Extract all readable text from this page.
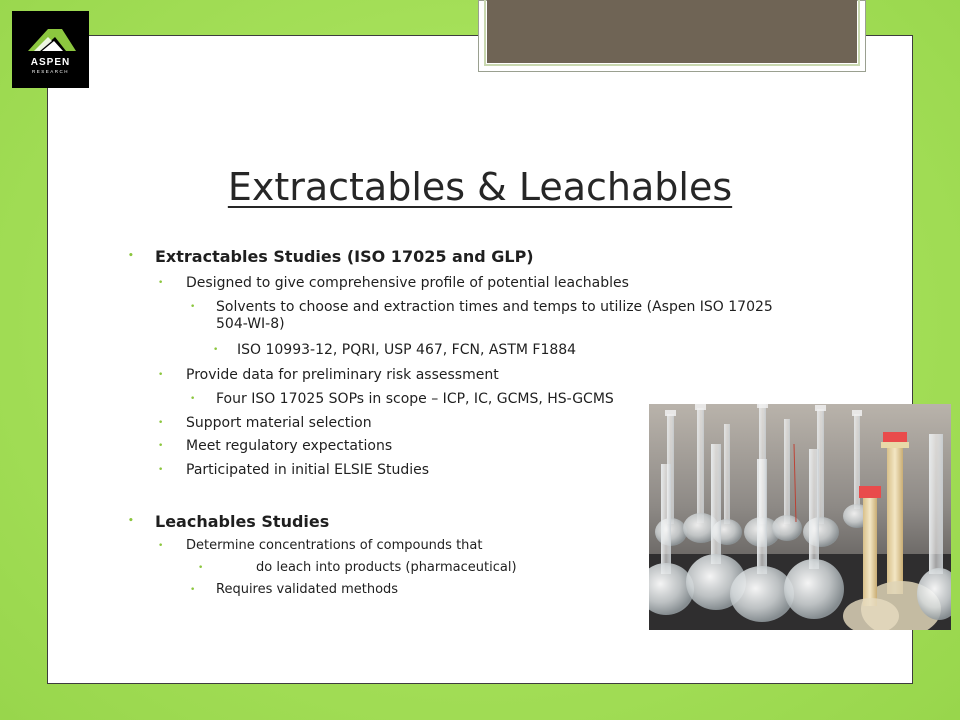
ASPEN
RESEARCH
Extractables & Leachables
• Extractables Studies (ISO 17025 and GLP)
• Designed to give comprehensive profile of potential leachables
• Solvents to choose and extraction times and temps to utilize (Aspen ISO 17025 504-WI-8)
• ISO 10993-12, PQRI, USP 467, FCN, ASTM F1884
• Provide data for preliminary risk assessment
• Four ISO 17025 SOPs in scope – ICP, IC, GCMS, HS-GCMS
• Support material selection
• Meet regulatory expectations
• Participated in initial ELSIE Studies
• Leachables Studies
• Determine concentrations of compounds that
•	do leach into products (pharmaceutical)
• Requires validated methods
